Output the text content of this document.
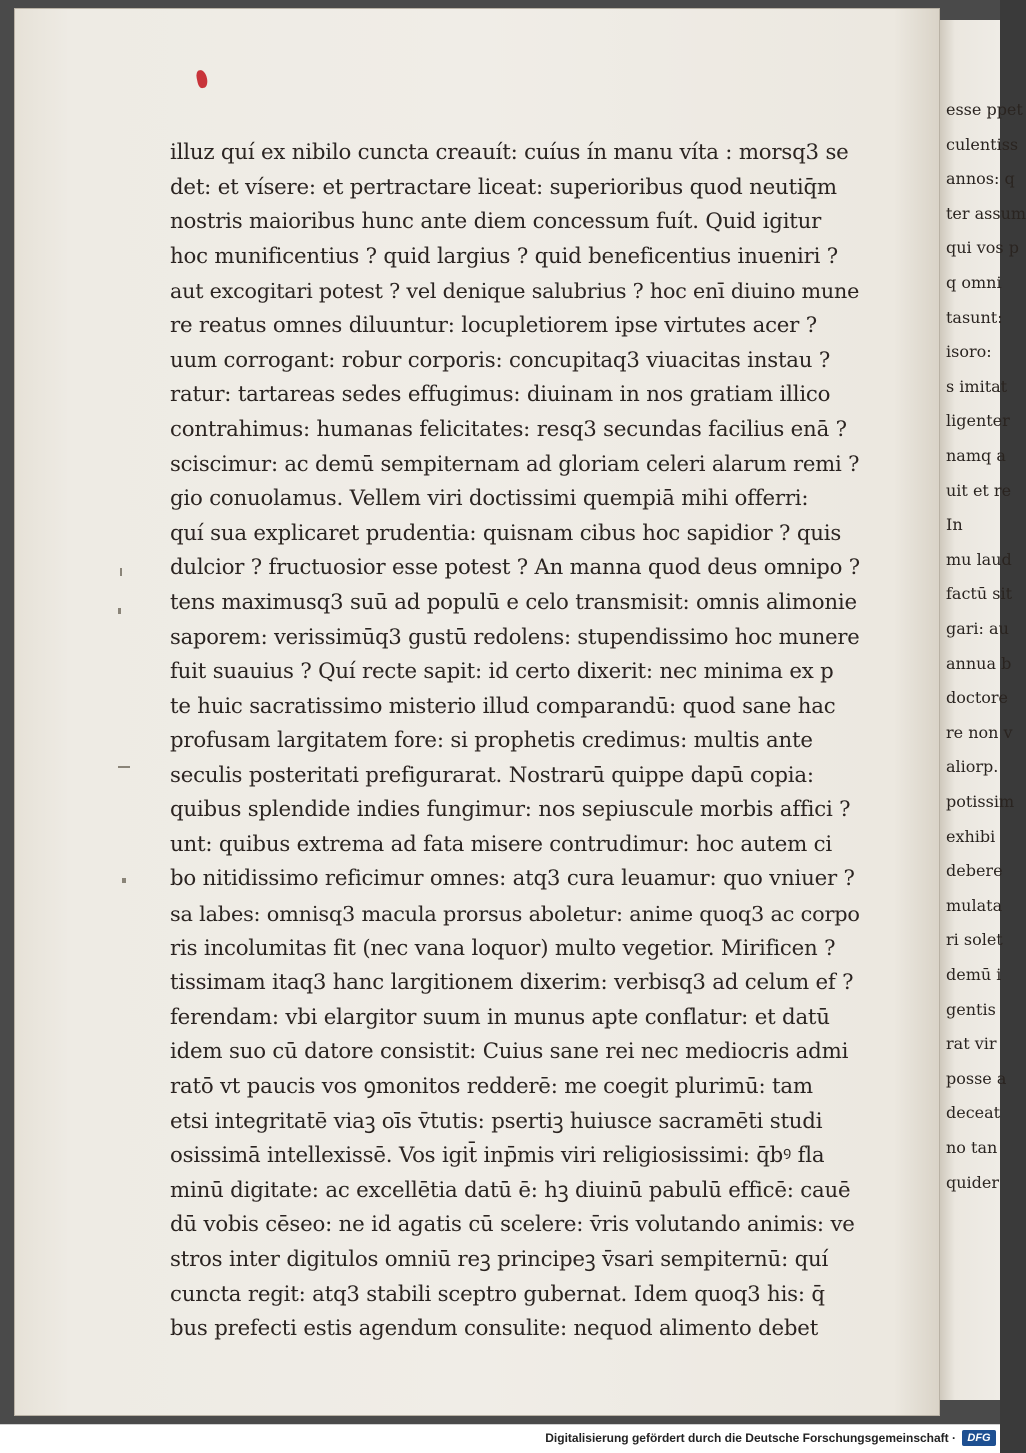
esse ppet
culentiss
annos: q
ter assum
qui vos p
q omni
tasunt:
isoro:
s imitat
ligenter
namq a
uit et re
In
mu laud
factū sit
gari: au
annua b
doctore
re non v
aliorp.
potissim
exhibi
debere
mulata
ri solet
demū i
gentis
rat vir
posse a
deceat
no tan
quider
illuz quí ex nibilo cuncta creauít: cuíus ín manu víta : morsq3 se
det: et vísere: et pertractare liceat: superioribus quod neutiq̄m
nostris maioribus hunc ante diem concessum fuít. Quid igitur
hoc munificentius ? quid largius ? quid beneficentius inueniri ?
aut excogitari potest ? vel denique salubrius ? hoc enī diuino mune
re reatus omnes diluuntur: locupletiorem ipse virtutes acer ?
uum corrogant: robur corporis: concupitaq3 viuacitas instau ?
ratur: tartareas sedes effugimus: diuinam in nos gratiam illico
contrahimus: humanas felicitates: resq3 secundas facilius enā ?
sciscimur: ac demū sempiternam ad gloriam celeri alarum remi ?
gio conuolamus. Vellem viri doctissimi quempiā mihi offerri:
quí sua explicaret prudentia: quisnam cibus hoc sapidior ? quis
dulcior ? fructuosior esse potest ? An manna quod deus omnipo ?
tens maximusq3 suū ad populū e celo transmisit: omnis alimonie
saporem: verissimūq3 gustū redolens: stupendissimo hoc munere
fuit suauius ? Quí recte sapit: id certo dixerit: nec minima ex p
te huic sacratissimo misterio illud comparandū: quod sane hac
profusam largitatem fore: si prophetis credimus: multis ante
seculis posteritati prefigurarat. Nostrarū quippe dapū copia:
quibus splendide indies fungimur: nos sepiuscule morbis affici ?
unt: quibus extrema ad fata misere contrudimur: hoc autem ci
bo nitidissimo reficimur omnes: atq3 cura leuamur: quo vniuer ?
sa labes: omnisq3 macula prorsus aboletur: anime quoq3 ac corpo
ris incolumitas fit (nec vana loquor) multo vegetior. Mirificen ?
tissimam itaq3 hanc largitionem dixerim: verbisq3 ad celum ef ?
ferendam: vbi elargitor suum in munus apte conflatur: et datū
idem suo cū datore consistit: Cuius sane rei nec mediocris admi
ratō vt paucis vos ꝯmonitos redderē: me coegit plurimū: tam
etsi integritatē viaꝫ oīs v̄tutis: psertiꝫ huiusce sacramēti studi
osissimā intellexissē. Vos igit̄ inp̄mis viri religiosissimi: q̄bꝰ fla
minū digitate: ac excellētia datū ē: hꝫ diuinū pabulū efficē: cauē
dū vobis cēseo: ne id agatis cū scelere: v̄ris volutando animis: ve
stros inter digitulos omniū reꝫ principeꝫ v̄sari sempiternū: quí
cuncta regit: atq3 stabili sceptro gubernat. Idem quoq3 his: q̄
bus prefecti estis agendum consulite: nequod alimento debet
Digitalisierung gefördert durch die Deutsche Forschungsgemeinschaft ·	DFG
